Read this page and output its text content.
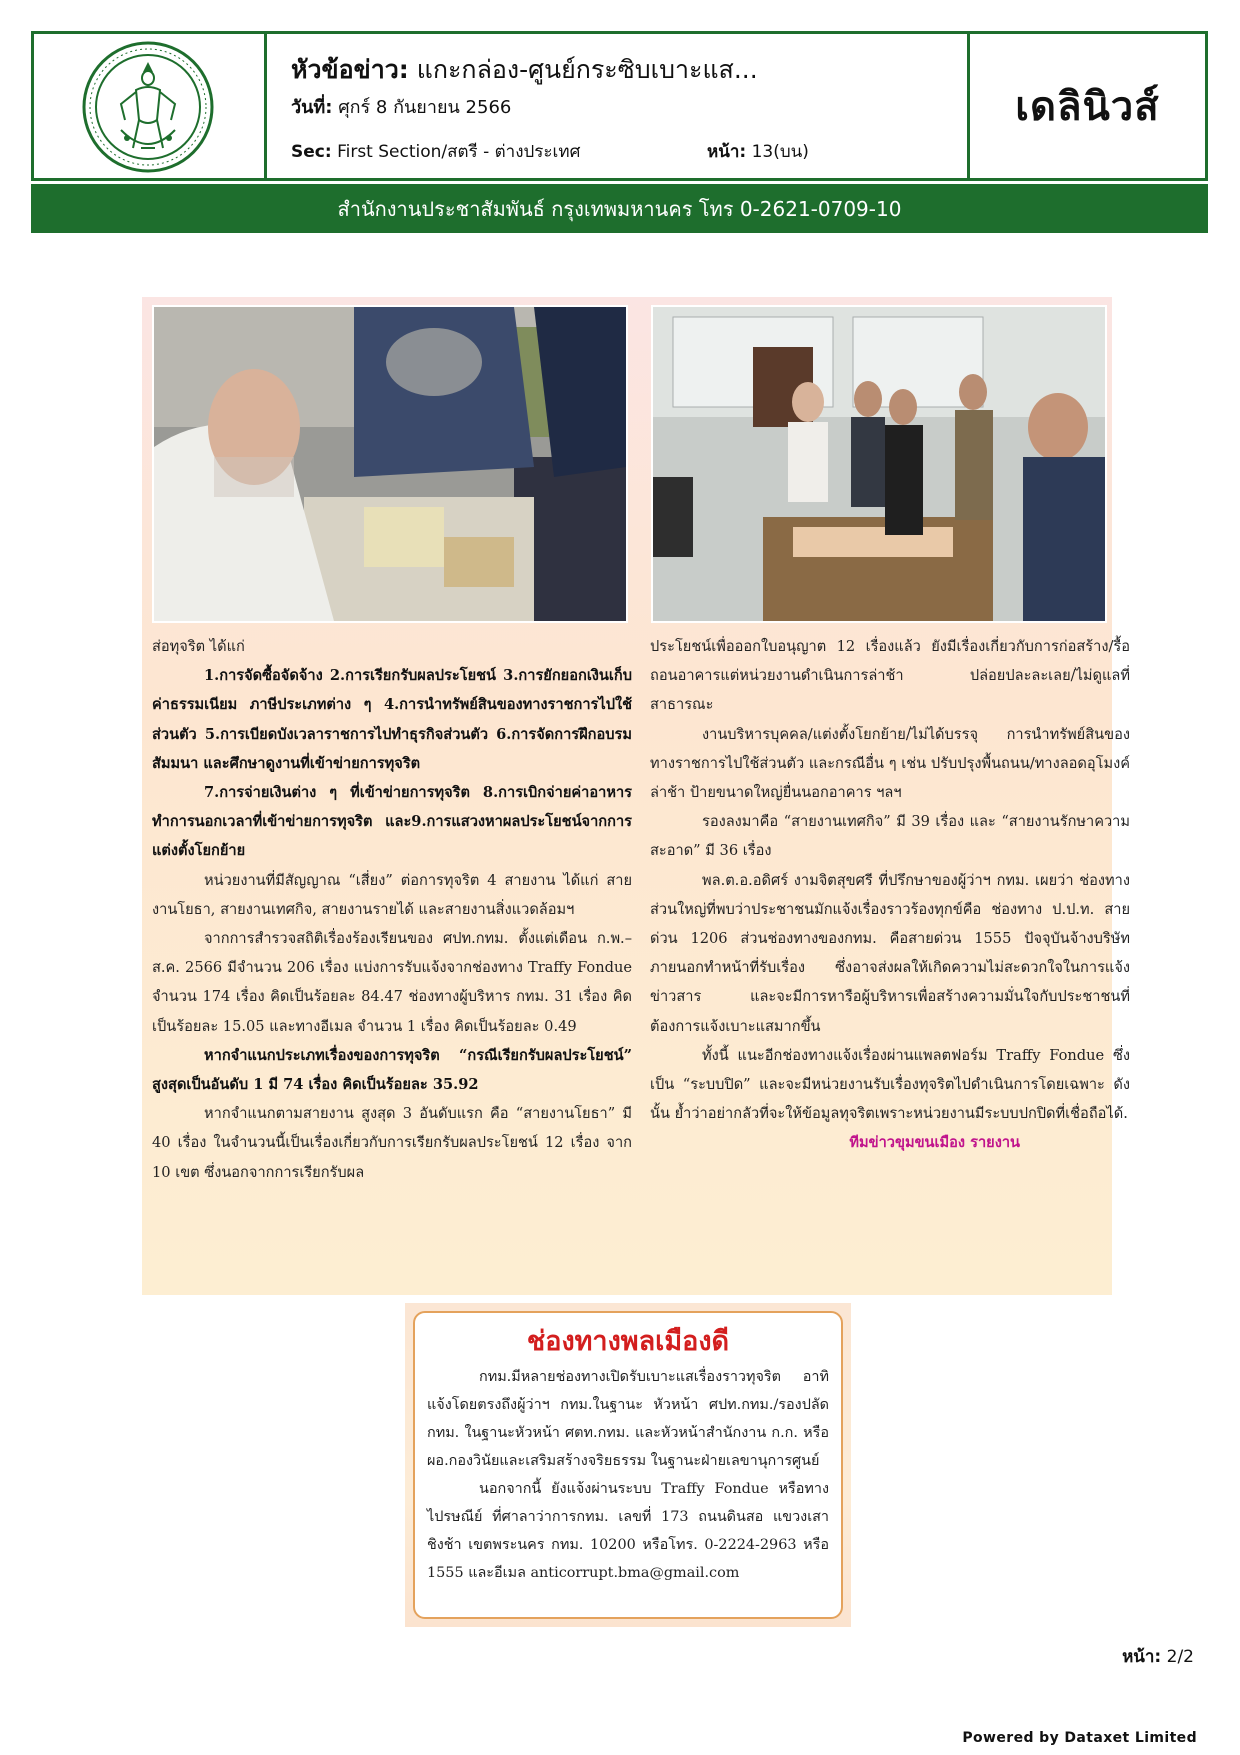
หัวข้อข่าว: แกะกล่อง-ศูนย์กระซิบเบาะแส...
วันที่: ศุกร์ 8 กันยายน 2566
Sec: First Section/สตรี - ต่างประเทศ	หน้า: 13(บน)
เดลินิวส์
สำนักงานประชาสัมพันธ์ กรุงเทพมหานคร โทร 0-2621-0709-10

ส่อทุจริต ได้แก่

1.การจัดซื้อจัดจ้าง 2.การเรียกรับผลประโยชน์ 3.การยักยอกเงินเก็บค่าธรรมเนียม ภาษีประเภทต่าง ๆ 4.การนำทรัพย์สินของทางราชการไปใช้ส่วนตัว 5.การเบียดบังเวลาราชการไปทำธุรกิจส่วนตัว 6.การจัดการฝึกอบรม สัมมนา และศึกษาดูงานที่เข้าข่ายการทุจริต

7.การจ่ายเงินต่าง ๆ ที่เข้าข่ายการทุจริต 8.การเบิกจ่ายค่าอาหารทำการนอกเวลาที่เข้าข่ายการทุจริต และ9.การแสวงหาผลประโยชน์จากการแต่งตั้งโยกย้าย

หน่วยงานที่มีสัญญาณ “เสี่ยง” ต่อการทุจริต 4 สายงาน ได้แก่ สายงานโยธา, สายงานเทศกิจ, สายงานรายได้ และสายงานสิ่งแวดล้อมฯ

จากการสำรวจสถิติเรื่องร้องเรียนของ ศปท.กทม. ตั้งแต่เดือน ก.พ.–ส.ค. 2566 มีจำนวน 206 เรื่อง แบ่งการรับแจ้งจากช่องทาง Traffy Fondue จำนวน 174 เรื่อง คิดเป็นร้อยละ 84.47 ช่องทางผู้บริหาร กทม. 31 เรื่อง คิดเป็นร้อยละ 15.05 และทางอีเมล จำนวน 1 เรื่อง คิดเป็นร้อยละ 0.49

หากจำแนกประเภทเรื่องของการทุจริต “กรณีเรียกรับผลประโยชน์” สูงสุดเป็นอันดับ 1 มี 74 เรื่อง คิดเป็นร้อยละ 35.92

หากจำแนกตามสายงาน สูงสุด 3 อันดับแรก คือ “สายงานโยธา” มี 40 เรื่อง ในจำนวนนี้เป็นเรื่องเกี่ยวกับการเรียกรับผลประโยชน์ 12 เรื่อง จาก 10 เขต ซึ่งนอกจากการเรียกรับผล

ประโยชน์เพื่อออกใบอนุญาต 12 เรื่องแล้ว ยังมีเรื่องเกี่ยวกับการก่อสร้าง/รื้อถอนอาคารแต่หน่วยงานดำเนินการล่าช้า ปล่อยปละละเลย/ไม่ดูแลที่สาธารณะ

งานบริหารบุคคล/แต่งตั้งโยกย้าย/ไม่ได้บรรจุ การนำทรัพย์สินของทางราชการไปใช้ส่วนตัว และกรณีอื่น ๆ เช่น ปรับปรุงพื้นถนน/ทางลอดอุโมงค์ล่าช้า ป้ายขนาดใหญ่ยื่นนอกอาคาร ฯลฯ

รองลงมาคือ “สายงานเทศกิจ” มี 39 เรื่อง และ “สายงานรักษาความสะอาด” มี 36 เรื่อง

พล.ต.อ.อดิศร์ งามจิตสุขศรี ที่ปรึกษาของผู้ว่าฯ กทม. เผยว่า ช่องทางส่วนใหญ่ที่พบว่าประชาชนมักแจ้งเรื่องราวร้องทุกข์คือ ช่องทาง ป.ป.ท. สายด่วน 1206 ส่วนช่องทางของกทม. คือสายด่วน 1555 ปัจจุบันจ้างบริษัทภายนอกทำหน้าที่รับเรื่อง ซึ่งอาจส่งผลให้เกิดความไม่สะดวกใจในการแจ้งข่าวสาร และจะมีการหารือผู้บริหารเพื่อสร้างความมั่นใจกับประชาชนที่ต้องการแจ้งเบาะแสมากขึ้น

ทั้งนี้ แนะอีกช่องทางแจ้งเรื่องผ่านแพลตฟอร์ม Traffy Fondue ซึ่งเป็น “ระบบปิด” และจะมีหน่วยงานรับเรื่องทุจริตไปดำเนินการโดยเฉพาะ ดังนั้น ย้ำว่าอย่ากลัวที่จะให้ข้อมูลทุจริตเพราะหน่วยงานมีระบบปกปิดที่เชื่อถือได้.

ทีมข่าวขุมขนเมือง รายงาน

ช่องทางพลเมืองดี

กทม.มีหลายช่องทางเปิดรับเบาะแสเรื่องราวทุจริต อาทิ แจ้งโดยตรงถึงผู้ว่าฯ กทม.ในฐานะ หัวหน้า ศปท.กทม./รองปลัด กทม. ในฐานะหัวหน้า ศตท.กทม. และหัวหน้าสำนักงาน ก.ก. หรือ ผอ.กองวินัยและเสริมสร้างจริยธรรม ในฐานะฝ่ายเลขานุการศูนย์

นอกจากนี้ ยังแจ้งผ่านระบบ Traffy Fondue หรือทางไปรษณีย์ ที่ศาลาว่าการกทม. เลขที่ 173 ถนนดินสอ แขวงเสาชิงช้า เขตพระนคร กทม. 10200 หรือโทร. 0-2224-2963 หรือ 1555 และอีเมล anticorrupt.bma@gmail.com

หน้า: 2/2
Powered by Dataxet Limited
